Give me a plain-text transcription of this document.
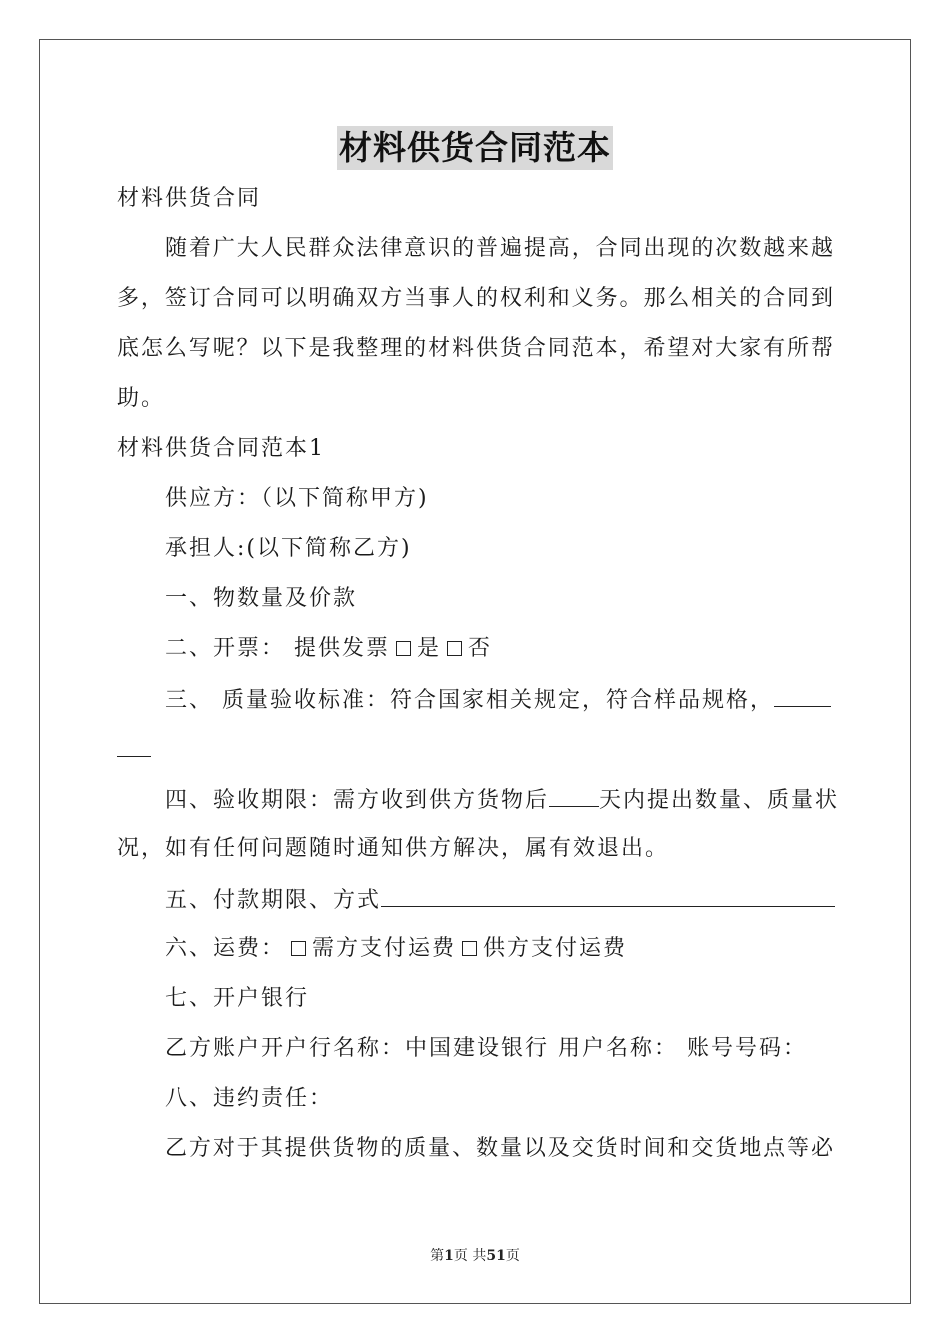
材料供货合同范本
材料供货合同
随着广大人民群众法律意识的普遍提高，合同出现的次数越来越
多，签订合同可以明确双方当事人的权利和义务。那么相关的合同到
底怎么写呢？以下是我整理的材料供货合同范本，希望对大家有所帮
助。
材料供货合同范本1
供应方：（以下简称甲方)
承担人:(以下简称乙方)
一、物数量及价款
二、开票： 提供发票 是 否
三、 质量验收标准：符合国家相关规定，符合样品规格，
四、验收期限：需方收到供方货物后 天内提出数量、质量状
况，如有任何问题随时通知供方解决，属有效退出。
五、付款期限、方式
六、运费： 需方支付运费 供方支付运费
七、开户银行
乙方账户开户行名称：中国建设银行 用户名称： 账号号码：
八、违约责任：
乙方对于其提供货物的质量、数量以及交货时间和交货地点等必
第1页 共51页
